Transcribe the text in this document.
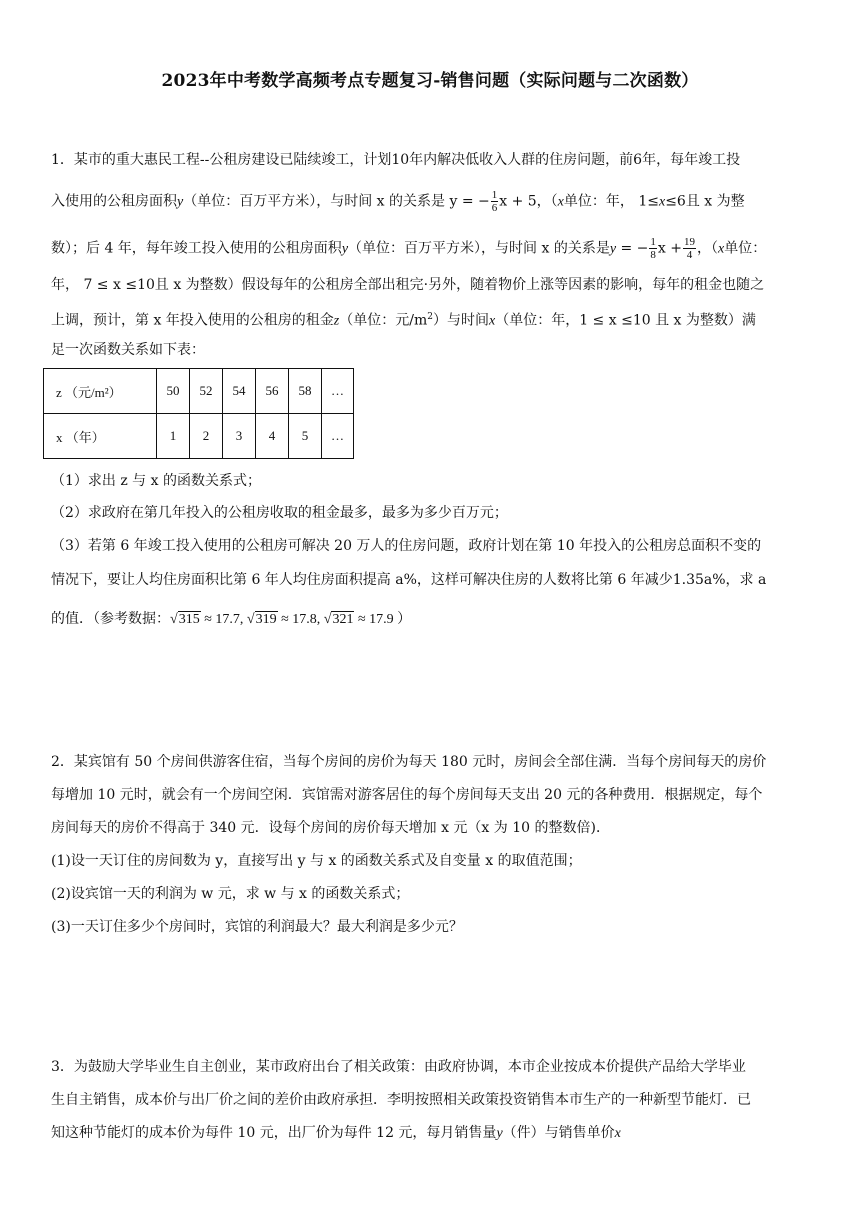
2023年中考数学高频考点专题复习-销售问题（实际问题与二次函数）
1．某市的重大惠民工程--公租房建设已陆续竣工，计划10年内解决低收入人群的住房问题，前6年，每年竣工投
入使用的公租房面积y（单位：百万平方米），与时间 x 的关系是 y = − $\frac{1}{6}$ x + 5，（x单位：年， 1≤x≤6且 x 为整
数）；后 4 年，每年竣工投入使用的公租房面积y（单位：百万平方米），与时间 x 的关系是y = − $\frac{1}{8}$ $x + \frac{19}{4}$ ，（x单位：
年， 7 ≤ x ≤10且 x 为整数）假设每年的公租房全部出租完·另外，随着物价上涨等因素的影响，每年的租金也随之
上调，预计，第 x 年投入使用的公租房的租金z（单位：元$/m^2$）与时间x（单位：年，1 ≤ x ≤10 且 x 为整数）满
足一次函数关系如下表：
z （元/m²）	50	52	54	56	58	…
x （年）	1	2	3	4	5	…
（1）求出 z 与 x 的函数关系式；
（2）求政府在第几年投入的公租房收取的租金最多，最多为多少百万元；
（3）若第 6 年竣工投入使用的公租房可解决 20 万人的住房问题，政府计划在第 10 年投入的公租房总面积不变的
情况下，要让人均住房面积比第 6 年人均住房面积提高 a%，这样可解决住房的人数将比第 6 年减少1.35a%，求 a
的值．（参考数据：√315 ≈ 17.7, √319 ≈ 17.8, √321 ≈ 17.9 ）
2．某宾馆有 50 个房间供游客住宿，当每个房间的房价为每天 180 元时，房间会全部住满．当每个房间每天的房价
每增加 10 元时，就会有一个房间空闲．宾馆需对游客居住的每个房间每天支出 20 元的各种费用．根据规定，每个
房间每天的房价不得高于 340 元．设每个房间的房价每天增加 x 元（x 为 10 的整数倍)．
(1)设一天订住的房间数为 y，直接写出 y 与 x 的函数关系式及自变量 x 的取值范围；
(2)设宾馆一天的利润为 w 元，求 w 与 x 的函数关系式；
(3)一天订住多少个房间时，宾馆的利润最大？最大利润是多少元？
3．为鼓励大学毕业生自主创业，某市政府出台了相关政策：由政府协调，本市企业按成本价提供产品给大学毕业
生自主销售，成本价与出厂价之间的差价由政府承担．李明按照相关政策投资销售本市生产的一种新型节能灯．已
知这种节能灯的成本价为每件 10 元，出厂价为每件 12 元，每月销售量y（件）与销售单价x
